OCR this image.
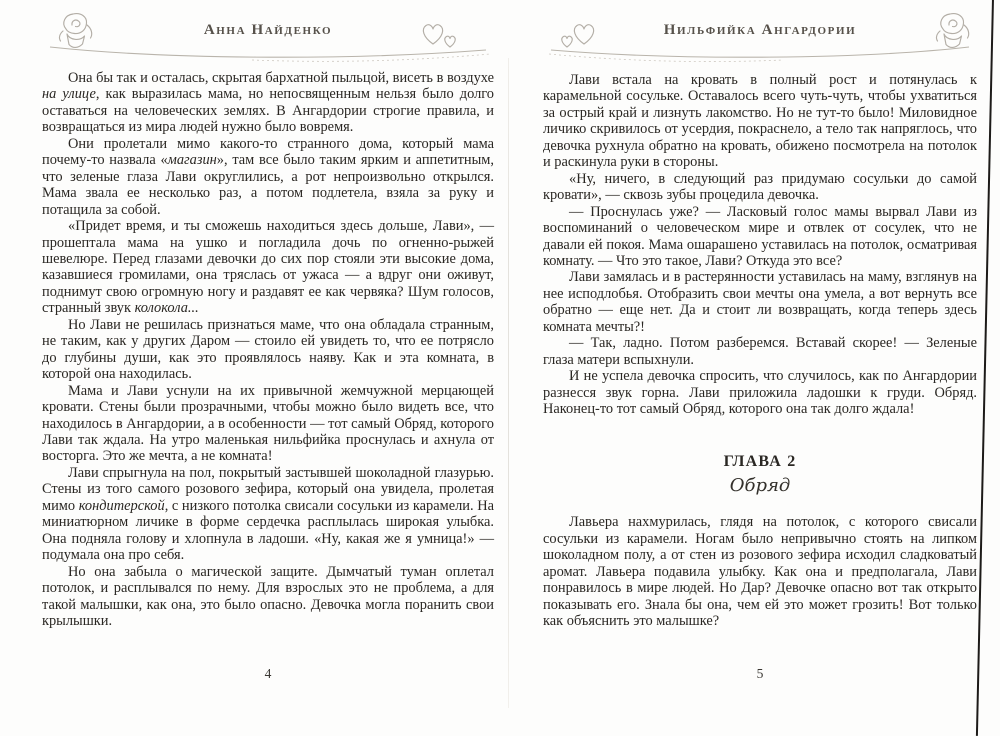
Анна Найденко	Нильфийка Ангардории

Она бы так и осталась, скрытая бархатной пыльцой, висеть в воздухе на улице, как выразилась мама, но непосвященным нельзя было долго оставаться на человеческих землях. В Ангардории строгие правила, и возвращаться из мира людей нужно было вовремя.

Они пролетали мимо какого-то странного дома, который мама почему-то назвала «магазин», там все было таким ярким и аппетитным, что зеленые глаза Лави округлились, а рот непроизвольно открылся. Мама звала ее несколько раз, а потом подлетела, взяла за руку и потащила за собой.

«Придет время, и ты сможешь находиться здесь дольше, Лави», — прошептала мама на ушко и погладила дочь по огненно-рыжей шевелюре. Перед глазами девочки до сих пор стояли эти высокие дома, казавшиеся громилами, она тряслась от ужаса — а вдруг они оживут, поднимут свою огромную ногу и раздавят ее как червяка? Шум голосов, странный звук колокола...

Но Лави не решилась признаться маме, что она обладала странным, не таким, как у других Даром — стоило ей увидеть то, что ее потрясло до глубины души, как это проявлялось наяву. Как и эта комната, в которой она находилась.

Мама и Лави уснули на их привычной жемчужной мерцающей кровати. Стены были прозрачными, чтобы можно было видеть все, что находилось в Ангардории, а в особенности — тот самый Обряд, которого Лави так ждала. На утро маленькая нильфийка проснулась и ахнула от восторга. Это же мечта, а не комната!

Лави спрыгнула на пол, покрытый застывшей шоколадной глазурью. Стены из того самого розового зефира, который она увидела, пролетая мимо кондитерской, с низкого потолка свисали сосульки из карамели. На миниатюрном личике в форме сердечка расплылась широкая улыбка. Она подняла голову и хлопнула в ладоши. «Ну, какая же я умница!» — подумала она про себя.

Но она забыла о магической защите. Дымчатый туман оплетал потолок, и расплывался по нему. Для взрослых это не проблема, а для такой малышки, как она, это было опасно. Девочка могла поранить свои крылышки.

Лави встала на кровать в полный рост и потянулась к карамельной сосульке. Оставалось всего чуть-чуть, чтобы ухватиться за острый край и лизнуть лакомство. Но не тут-то было! Миловидное личико скривилось от усердия, покраснело, а тело так напряглось, что девочка рухнула обратно на кровать, обижено посмотрела на потолок и раскинула руки в стороны.

«Ну, ничего, в следующий раз придумаю сосульки до самой кровати», — сквозь зубы процедила девочка.

— Проснулась уже? — Ласковый голос мамы вырвал Лави из воспоминаний о человеческом мире и отвлек от сосулек, что не давали ей покоя. Мама ошарашено уставилась на потолок, осматривая комнату. — Что это такое, Лави? Откуда это все?

Лави замялась и в растерянности уставилась на маму, взглянув на нее исподлобья. Отобразить свои мечты она умела, а вот вернуть все обратно — еще нет. Да и стоит ли возвращать, когда теперь здесь комната мечты?!

— Так, ладно. Потом разберемся. Вставай скорее! — Зеленые глаза матери вспыхнули.

И не успела девочка спросить, что случилось, как по Ангардории разнесся звук горна. Лави приложила ладошки к груди. Обряд. Наконец-то тот самый Обряд, которого она так долго ждала!

ГЛАВА 2
Обряд

Лавьера нахмурилась, глядя на потолок, с которого свисали сосульки из карамели. Ногам было непривычно стоять на липком шоколадном полу, а от стен из розового зефира исходил сладковатый аромат. Лавьера подавила улыбку. Как она и предполагала, Лави понравилось в мире людей. Но Дар? Девочке опасно вот так открыто показывать его. Знала бы она, чем ей это может грозить! Вот только как объяснить это малышке?

4	5
